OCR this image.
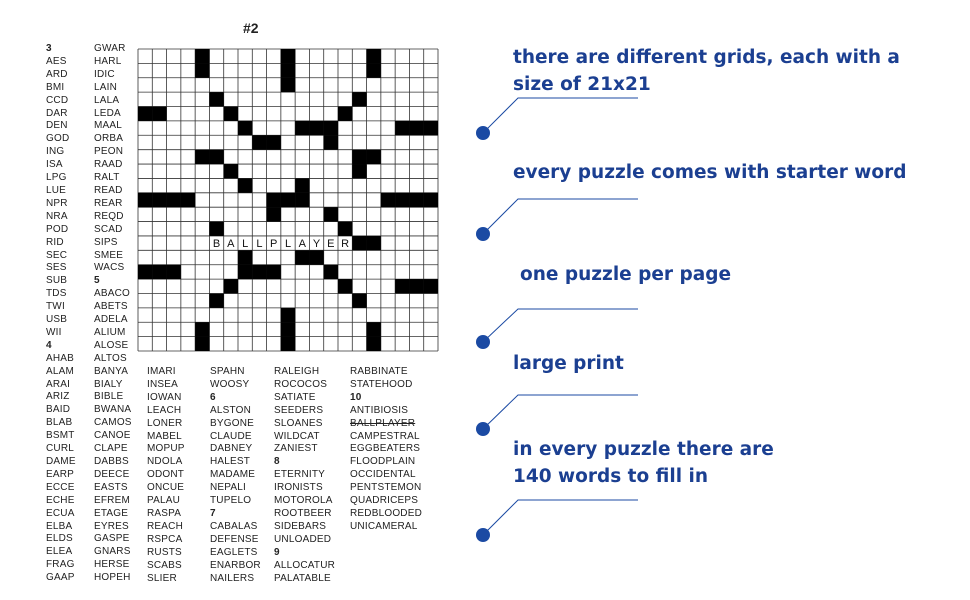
#2
3
AES
ARD
BMI
CCD
DAR
DEN
GOD
ING
ISA
LPG
LUE
NPR
NRA
POD
RID
SEC
SES
SUB
TDS
TWI
USB
WII
4
AHAB
ALAM
ARAI
ARIZ
BAID
BLAB
BSMT
CURL
DAME
EARP
ECCE
ECHE
ECUA
ELBA
ELDS
ELEA
FRAG
GAAP
GWAR
HARL
IDIC
LAIN
LALA
LEDA
MAAL
ORBA
PEON
RAAD
RALT
READ
REAR
REQD
SCAD
SIPS
SMEE
WACS
5
ABACO
ABETS
ADELA
ALIUM
ALOSE
ALTOS
BANYA
BIALY
BIBLE
BWANA
CAMOS
CANOE
CLAPE
DABBS
DEECE
EASTS
EFREM
ETAGE
EYRES
GASPE
GNARS
HERSE
HOPEH
IMARI
INSEA
IOWAN
LEACH
LONER
MABEL
MOPUP
NDOLA
ODONT
ONCUE
PALAU
RASPA
REACH
RSPCA
RUSTS
SCABS
SLIER
SPAHN
WOOSY
6
ALSTON
BYGONE
CLAUDE
DABNEY
HALEST
MADAME
NEPALI
TUPELO
7
CABALAS
DEFENSE
EAGLETS
ENARBOR
NAILERS
RALEIGH
ROCOCOS
SATIATE
SEEDERS
SLOANES
WILDCAT
ZANIEST
8
ETERNITY
IRONISTS
MOTOROLA
ROOTBEER
SIDEBARS
UNLOADED
9
ALLOCATUR
PALATABLE
RABBINATE
STATEHOOD
10
ANTIBIOSIS
BALLPLAYER
CAMPESTRAL
EGGBEATERS
FLOODPLAIN
OCCIDENTAL
PENTSTEMON
QUADRICEPS
REDBLOODED
UNICAMERAL
B A L L P L A Y E R
there are different grids, each with a
size of 21x21
every puzzle comes with starter word
one puzzle per page
large print
in every puzzle there are
140 words to fill in
